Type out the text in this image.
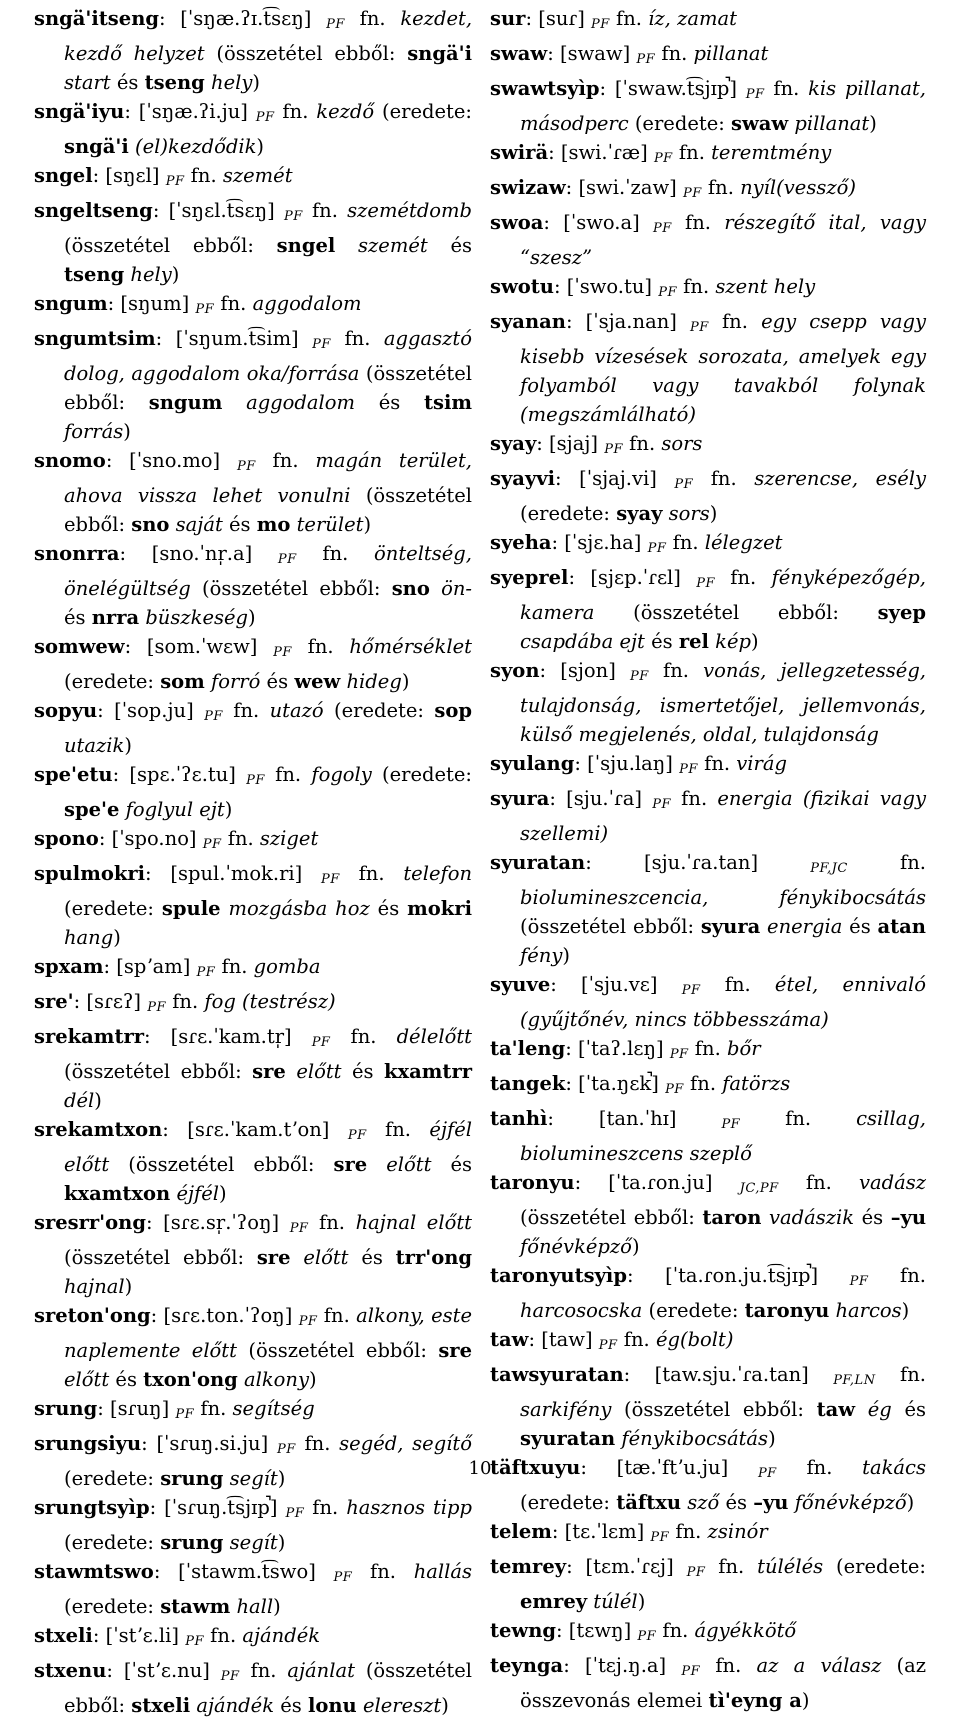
sngä'itseng: [ˈsŋæ.ʔɪ.t͡sɛŋ] PF fn. kezdet, kezdő helyzet (összetétel ebből: sngä'i start és tseng hely)
sngä'iyu: [ˈsŋæ.ʔi.ju] PF fn. kezdő (eredete: sngä'i (el)kezdődik)
sngel: [sŋɛl] PF fn. szemét
sngeltseng: [ˈsŋɛl.t͡sɛŋ] PF fn. szemétdomb (összetétel ebből: sngel szemét és tseng hely)
sngum: [sŋum] PF fn. aggodalom
sngumtsim: [ˈsŋum.t͡sim] PF fn. aggasztó dolog, aggodalom oka/forrása (összetétel ebből: sngum aggodalom és tsim forrás)
snomo: [ˈsno.mo] PF fn. magán terület, ahova vissza lehet vonulni (összetétel ebből: sno saját és mo terület)
snonrra: [sno.ˈnr̩.a] PF fn. önteltség, önelégültség (összetétel ebből: sno ön- és nrra büszkeség)
somwew: [som.ˈwɛw] PF fn. hőmérséklet (eredete: som forró és wew hideg)
sopyu: [ˈsop.ju] PF fn. utazó (eredete: sop utazik)
spe'etu: [spɛ.ˈʔɛ.tu] PF fn. fogoly (eredete: spe'e foglyul ejt)
spono: [ˈspo.no] PF fn. sziget
spulmokri: [spul.ˈmok.ri] PF fn. telefon (eredete: spule mozgásba hoz és mokri hang)
spxam: [spʼam] PF fn. gomba
sre': [sɾɛʔ] PF fn. fog (testrész)
srekamtrr: [sɾɛ.ˈkam.tr̩] PF fn. délelőtt (összetétel ebből: sre előtt és kxamtrr dél)
srekamtxon: [sɾɛ.ˈkam.tʼon] PF fn. éjfél előtt (összetétel ebből: sre előtt és kxamtxon éjfél)
sresrr'ong: [sɾɛ.sr̩.ˈʔoŋ] PF fn. hajnal előtt (összetétel ebből: sre előtt és trr'ong hajnal)
sreton'ong: [sɾɛ.ton.ˈʔoŋ] PF fn. alkony, este naplemente előtt (összetétel ebből: sre előtt és txon'ong alkony)
srung: [sɾuŋ] PF fn. segítség
srungsiyu: [ˈsɾuŋ.si.ju] PF fn. segéd, segítő (eredete: srung segít)
srungtsyìp: [ˈsɾuŋ.t͡sjɪp̚] PF fn. hasznos tipp (eredete: srung segít)
stawmtswo: [ˈstawm.t͡swo] PF fn. hallás (eredete: stawm hall)
stxeli: [ˈstʼɛ.li] PF fn. ajándék
stxenu: [ˈstʼɛ.nu] PF fn. ajánlat (összetétel ebből: stxeli ajándék és lonu elereszt)
sur: [suɾ] PF fn. íz, zamat
swaw: [swaw] PF fn. pillanat
swawtsyìp: [ˈswaw.t͡sjɪp̚] PF fn. kis pillanat, másodperc (eredete: swaw pillanat)
swirä: [swi.ˈɾæ] PF fn. teremtmény
swizaw: [swi.ˈzaw] PF fn. nyíl(vessző)
swoa: [ˈswo.a] PF fn. részegítő ital, vagy “szesz”
swotu: [ˈswo.tu] PF fn. szent hely
syanan: [ˈsja.nan] PF fn. egy csepp vagy kisebb vízesések sorozata, amelyek egy folyamból vagy tavakból folynak (megszámlálható)
syay: [sjaj] PF fn. sors
syayvi: [ˈsjaj.vi] PF fn. szerencse, esély (eredete: syay sors)
syeha: [ˈsjɛ.ha] PF fn. lélegzet
syeprel: [sjɛp.ˈɾɛl] PF fn. fényképezőgép, kamera (összetétel ebből: syep csapdába ejt és rel kép)
syon: [sjon] PF fn. vonás, jellegzetesség, tulajdonság, ismertetőjel, jellemvonás, külső megjelenés, oldal, tulajdonság
syulang: [ˈsju.laŋ] PF fn. virág
syura: [sju.ˈɾa] PF fn. energia (fizikai vagy szellemi)
syuratan: [sju.ˈɾa.tan] PF,JC fn. biolumineszcencia, fénykibocsátás (összetétel ebből: syura energia és atan fény)
syuve: [ˈsju.vɛ] PF fn. étel, ennivaló (gyűjtőnév, nincs többesszáma)
ta'leng: [ˈtaʔ.lɛŋ] PF fn. bőr
tangek: [ˈta.ŋɛk̚] PF fn. fatörzs
tanhì: [tan.ˈhɪ] PF fn. csillag, biolumineszcens szeplő
taronyu: [ˈta.ɾon.ju] JC,PF fn. vadász (összetétel ebből: taron vadászik és –yu főnévképző)
taronyutsyìp: [ˈta.ɾon.ju.t͡sjɪp̚] PF fn. harcosocska (eredete: taronyu harcos)
taw: [taw] PF fn. ég(bolt)
tawsyuratan: [taw.sju.ˈɾa.tan] PF,LN fn. sarkifény (összetétel ebből: taw ég és syuratan fénykibocsátás)
täftxuyu: [tæ.ˈftʼu.ju] PF fn. takács (eredete: täftxu sző és –yu főnévképző)
telem: [tɛ.ˈlɛm] PF fn. zsinór
temrey: [tɛm.ˈɾɛj] PF fn. túlélés (eredete: emrey túlél)
tewng: [tɛwŋ] PF fn. ágyékkötő
teynga: [ˈtɛj.ŋ.a] PF fn. az a válasz (az összevonás elemei tì'eyng a)
10
